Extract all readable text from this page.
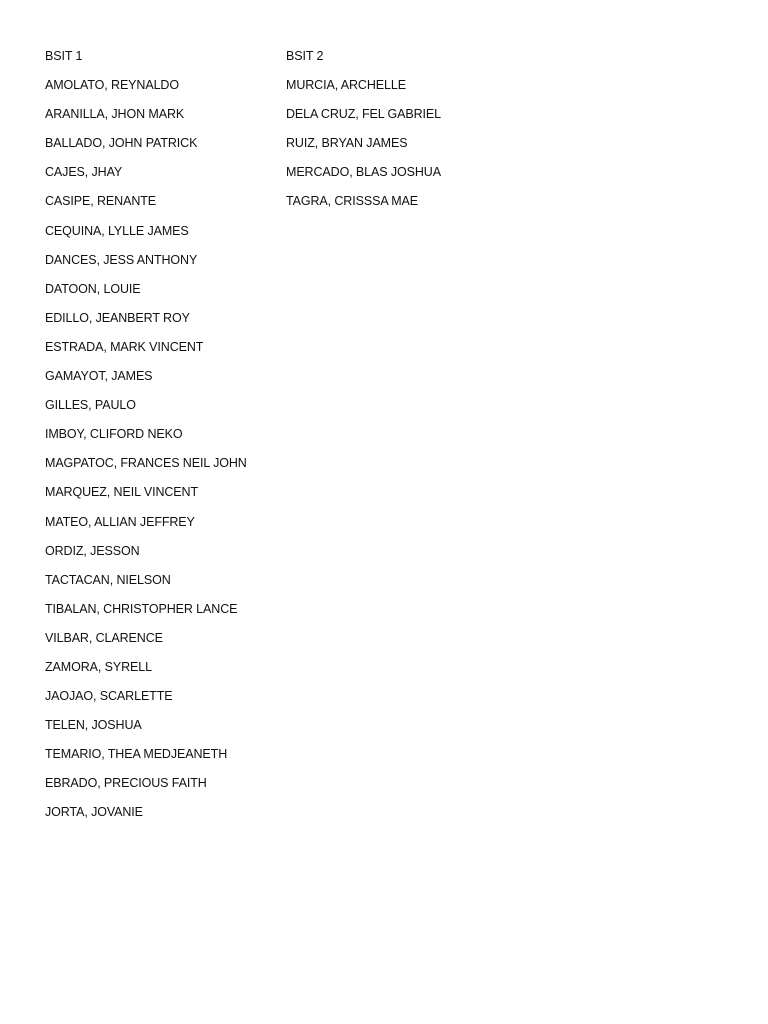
BSIT 1
AMOLATO, REYNALDO
ARANILLA, JHON MARK
BALLADO, JOHN PATRICK
CAJES, JHAY
CASIPE, RENANTE
CEQUINA, LYLLE JAMES
DANCES, JESS ANTHONY
DATOON, LOUIE
EDILLO, JEANBERT ROY
ESTRADA, MARK VINCENT
GAMAYOT, JAMES
GILLES, PAULO
IMBOY, CLIFORD NEKO
MAGPATOC, FRANCES NEIL JOHN
MARQUEZ, NEIL VINCENT
MATEO, ALLIAN JEFFREY
ORDIZ, JESSON
TACTACAN, NIELSON
TIBALAN, CHRISTOPHER LANCE
VILBAR, CLARENCE
ZAMORA, SYRELL
JAOJAO, SCARLETTE
TELEN, JOSHUA
TEMARIO, THEA MEDJEANETH
EBRADO, PRECIOUS FAITH
JORTA, JOVANIE
BSIT 2
MURCIA, ARCHELLE
DELA CRUZ, FEL GABRIEL
RUIZ, BRYAN JAMES
MERCADO, BLAS JOSHUA
TAGRA, CRISSSA MAE
